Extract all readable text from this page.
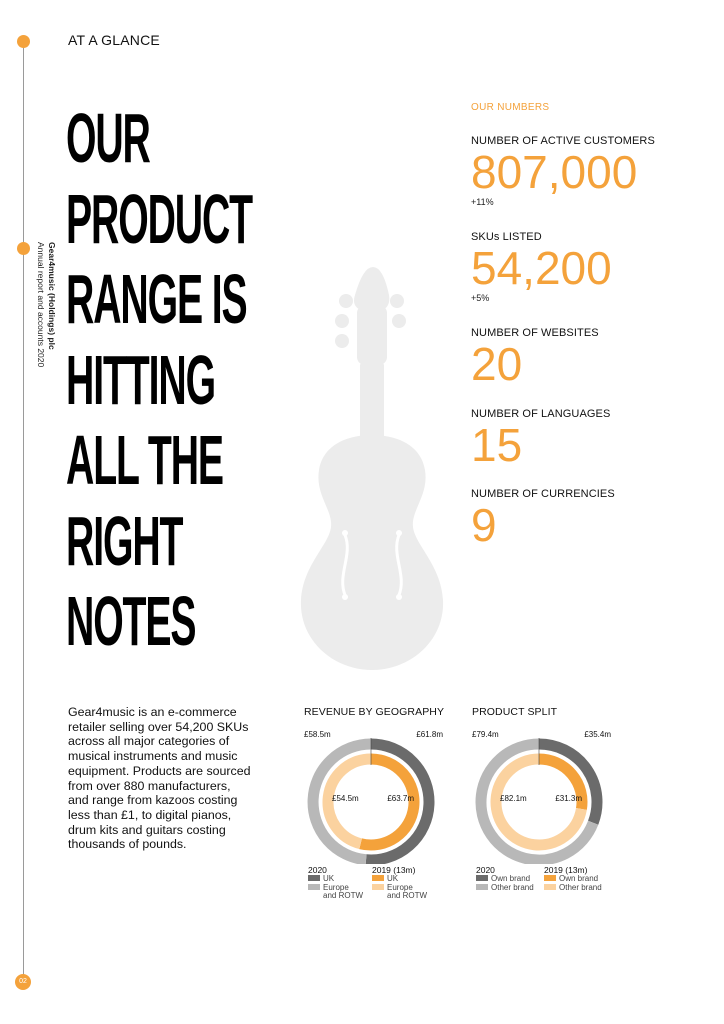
02
AT A GLANCE
Gear4music (Holdings) plc
Annual report and accounts 2020
OUR
PRODUCT
RANGE IS
HITTING
ALL THE
RIGHT
NOTES
OUR NUMBERS
NUMBER OF ACTIVE CUSTOMERS
807,000
+11%
SKUs LISTED
54,200
+5%
NUMBER OF WEBSITES
20
NUMBER OF LANGUAGES
15
NUMBER OF CURRENCIES
9

Gear4music is an e-commerce retailer selling over 54,200 SKUs across all major categories of musical instruments and music equipment. Products are sourced from over 880 manufacturers, and range from kazoos costing less than £1, to digital pianos, drum kits and guitars costing thousands of pounds.

REVENUE BY GEOGRAPHY
£61.8m
£58.5m
£63.7m
£54.5m
2020	2019 (13m)
UK
Europe
and ROTW
UK
Europe
and ROTW
PRODUCT SPLIT
£35.4m
£79.4m
£31.3m
£82.1m
2020	2019 (13m)
Own brand
Other brand
Own brand
Other brand
